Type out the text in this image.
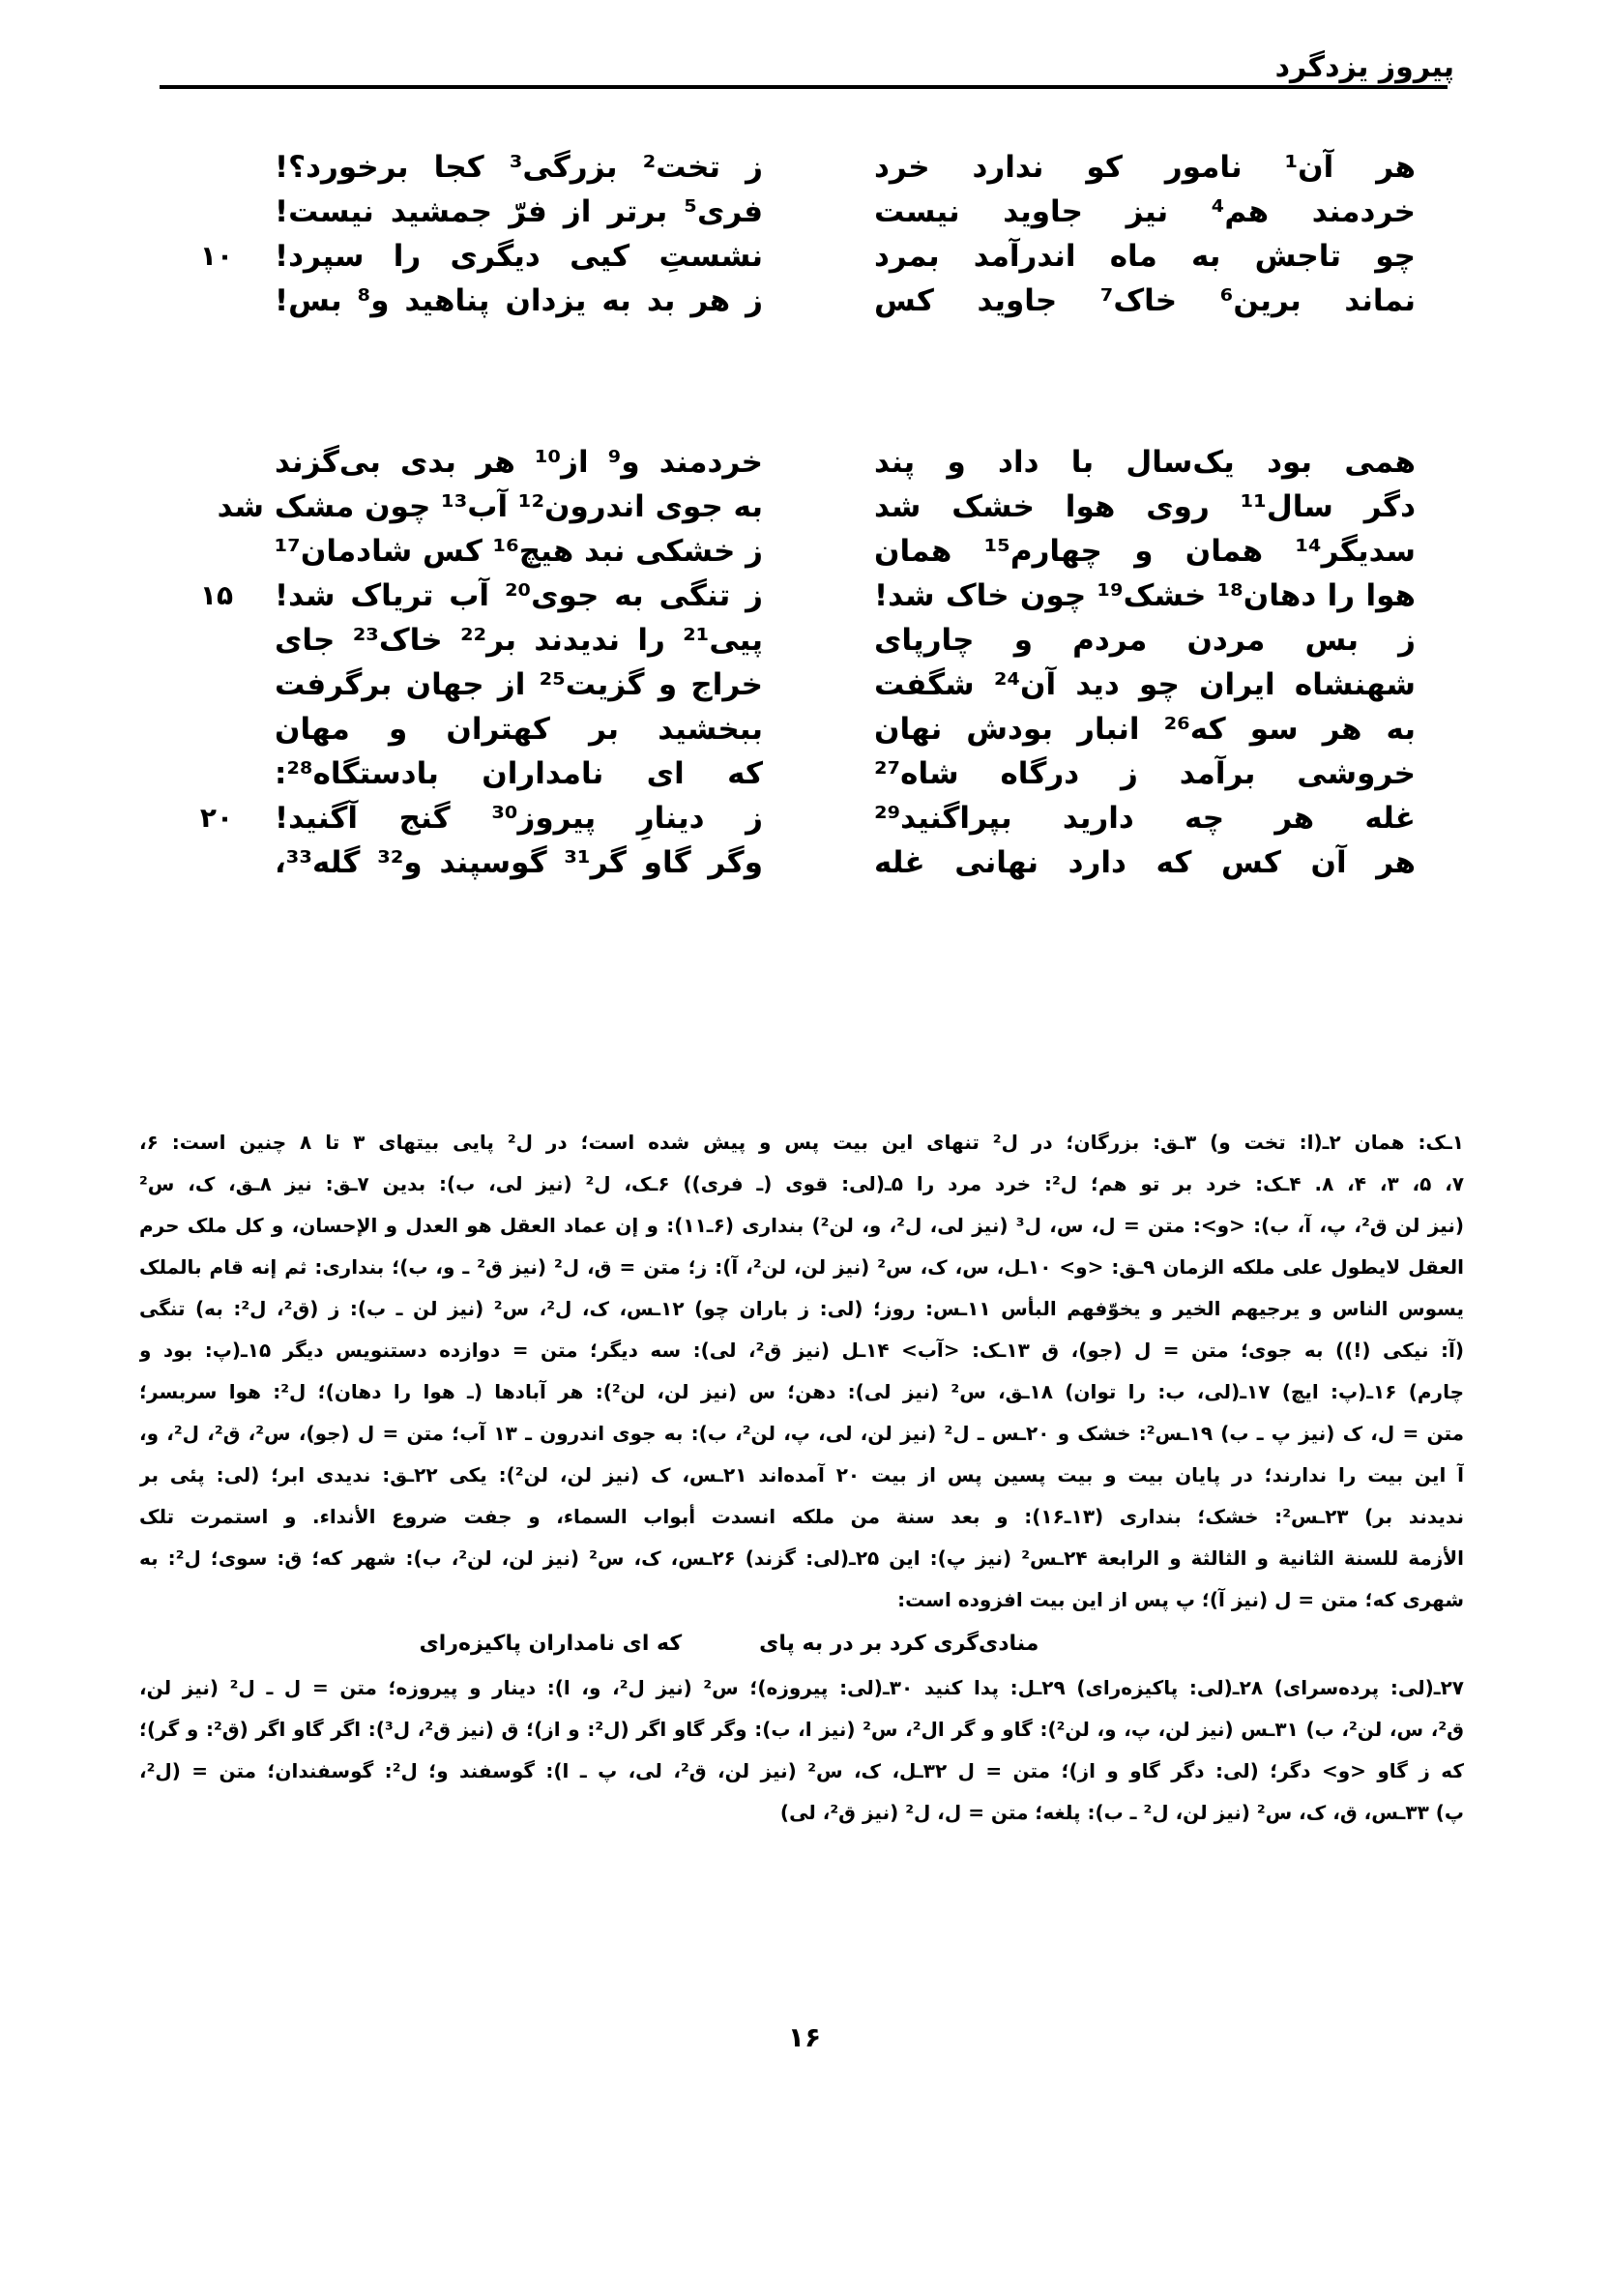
پیروز یزدگرد
هر آن¹ نامور کو ندارد خرد
خردمند هم⁴ نیز جاوید نیست
ز تخت² بزرگی³ کجا برخورد؟!
فری⁵ برتر از فرّ جمشید نیست!
۱۰	چو تاجش به ماه اندرآمد بمرد
نماند برین⁶ خاک⁷ جاوید کس
نشستِ کیی دیگری را سپرد!
ز هر بد به یزدان پناهید و⁸ بس!
همی بود یک‌سال با داد و پند
دگر سال¹¹ روی هوا خشک شد
خردمند و⁹ از¹⁰ هر بدی بی‌گزند
به جوی اندرون¹² آب¹³ چون مشک شد
۱۵
سدیگر¹⁴ همان و چهارم¹⁵ همان
هوا را دهان¹⁸ خشک¹⁹ چون خاک شد!
ز خشکی نبد هیچ¹⁶ کس شادمان¹⁷
ز تنگی به جوی²⁰ آب تریاک شد!
ز بس مردن مردم و چارپای
شهنشاه ایران چو دید آن²⁴ شگفت
پیی²¹ را ندیدند بر²² خاک²³ جای
خراج و گزیت²⁵ از جهان برگرفت
به هر سو که²⁶ انبار بودش نهان
خروشی برآمد ز درگاه شاه²⁷
ببخشید بر کهتران و مهان
که ای نامداران بادستگاه²⁸:
۲۰	غله هر چه دارید بپراگنید²⁹
هر آن کس که دارد نهانی غله
ز دینارِ پیروز³⁰ گنج آگنید!
وگر گاو گر³¹ گوسپند و³² گله³³،
۱ـک: همان ۲ـ(ا: تخت و) ۳ـق: بزرگان؛ در ل² تنهای این بیت پس و پیش شده است؛ در ل² پایی بیتهای ۳ تا ۸ چنین است: ۶،
۷، ۵، ۳، ۴، ۸. ۴ـک: خرد بر تو هم؛ ل²: خرد مرد را ۵ـ(لی: قوی (ـ فری)) ۶ـک، ل² (نیز لی، ب): بدین ۷ـق: نیز ۸ـق، ک، س²
(نیز لن ق²، پ، آ، ب): <و>: متن = ل، س، ل³ (نیز لی، ل²، و، لن²) بنداری (۶ـ۱۱): و إن عماد العقل هو العدل و الإحسان، و کل ملک حرم
العقل لایطول علی ملکه الزمان ۹ـق: <و> ۱۰ـل، س، ک، س² (نیز لن، لن²، آ): ز؛ متن = ق، ل² (نیز ق² ـ و، ب)؛ بنداری: ثم إنه قام بالملک
یسوس الناس و یرجیهم الخیر و یخوّفهم البأس ۱۱ـس: روز؛ (لی: ز باران چو) ۱۲ـس، ک، ل²، س² (نیز لن ـ ب): ز (ق²، ل²: به) تنگی
(آ: نیکی (!)) به جوی؛ متن = ل (جو)، ق ۱۳ـک: <آب> ۱۴ـل (نیز ق²، لی): سه دیگر؛ متن = دوازده دستنویس دیگر ۱۵ـ(پ: بود و
چارم) ۱۶ـ(پ: ایچ) ۱۷ـ(لی، ب: را توان) ۱۸ـق، س² (نیز لی): دهن؛ س (نیز لن، لن²): هر آبادها (ـ هوا را دهان)؛ ل²: هوا سربسر؛
متن = ل، ک (نیز پ ـ ب) ۱۹ـس²: خشک و ۲۰ـس ـ ل² (نیز لن، لی، پ، لن²، ب): به جوی اندرون ـ ۱۳ آب؛ متن = ل (جو)، س²، ق²، ل²، و،
آ این بیت را ندارند؛ در پایان بیت و بیت پسین پس از بیت ۲۰ آمده‌اند ۲۱ـس، ک (نیز لن، لن²): یکی ۲۲ـق: ندیدی ابر؛ (لی: پئی بر
ندیدند بر) ۲۳ـس²: خشک؛ بنداری (۱۳ـ۱۶): و بعد سنة من ملکه انسدت أبواب السماء، و جفت ضروع الأنداء. و استمرت تلک
الأزمة للسنة الثانية و الثالثة و الرابعة ۲۴ـس² (نیز پ): این ۲۵ـ(لی: گزند) ۲۶ـس، ک، س² (نیز لن، لن²، ب): شهر که؛ ق: سوی؛ ل²: به
شهری که؛ متن = ل (نیز آ)؛ پ پس از این بیت افزوده است:
منادی‌گری کرد بر در به پای
که ای نامداران پاکیزه‌رای
۲۷ـ(لی: پرده‌سرای) ۲۸ـ(لی: پاکیزه‌رای) ۲۹ـل: پدا کنید ۳۰ـ(لی: پیروزه)؛ س² (نیز ل²، و، ا): دینار و پیروزه؛ متن = ل ـ ل² (نیز لن،
ق²، س، لن²، ب) ۳۱ـس (نیز لن، پ، و، لن²): گاو و گر ال²، س² (نیز ا، ب): وگر گاو اگر (ل²: و از)؛ ق (نیز ق²، ل³): اگر گاو اگر (ق²: و گر)؛
که ز گاو <و> دگر؛ (لی: دگر گاو و از)؛ متن = ل ۳۲ـل، ک، س² (نیز لن، ق²، لی، پ ـ ا): گوسفند و؛ ل²: گوسفندان؛ متن = (ل²،
پ) ۳۳ـس، ق، ک، س² (نیز لن، ل² ـ ب): پلغه؛ متن = ل، ل² (نیز ق²، لی)
۱۶
